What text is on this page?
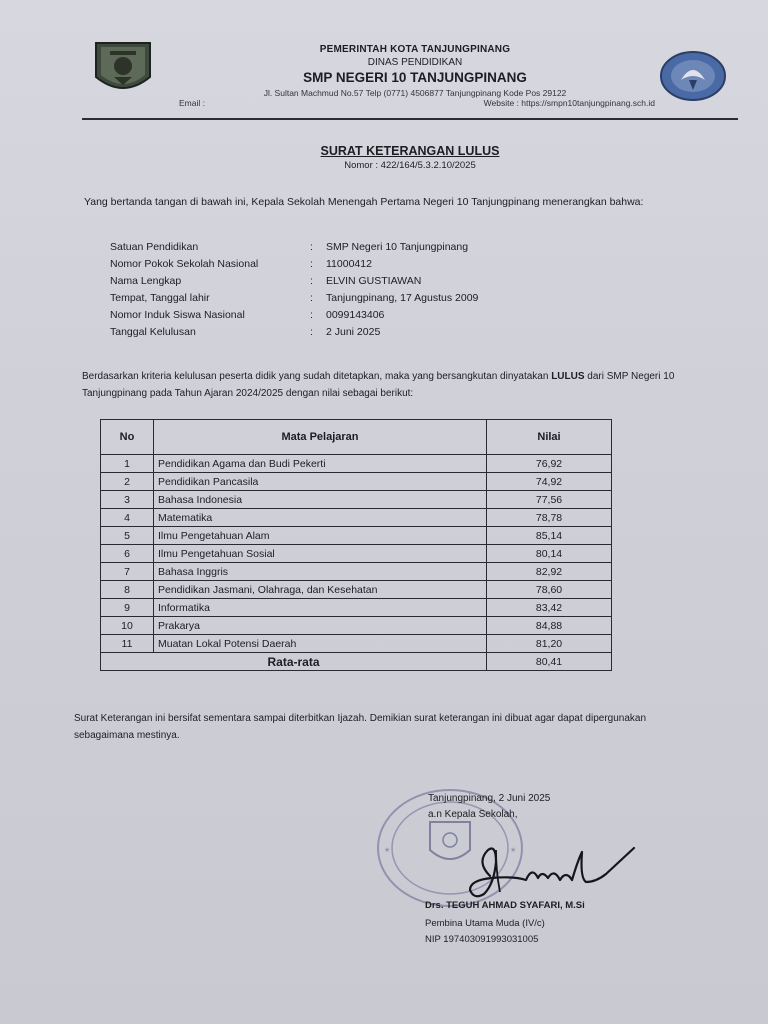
PEMERINTAH KOTA TANJUNGPINANG
DINAS PENDIDIKAN
SMP NEGERI 10 TANJUNGPINANG
Jl. Sultan Machmud No.57 Telp (0771) 4506877 Tanjungpinang Kode Pos 29122
Email :	Website : https://smpn10tanjungpinang.sch.id
SURAT KETERANGAN LULUS
Nomor : 422/164/5.3.2.10/2025
Yang bertanda tangan di bawah ini, Kepala Sekolah Menengah Pertama Negeri 10 Tanjungpinang menerangkan bahwa:
Satuan Pendidikan	:	SMP Negeri 10 Tanjungpinang
Nomor Pokok Sekolah Nasional	:	11000412
Nama Lengkap	:	ELVIN GUSTIAWAN
Tempat, Tanggal lahir	:	Tanjungpinang, 17 Agustus 2009
Nomor Induk Siswa Nasional	:	0099143406
Tanggal Kelulusan	:	2 Juni 2025
Berdasarkan kriteria kelulusan peserta didik yang sudah ditetapkan, maka yang bersangkutan dinyatakan LULUS dari SMP Negeri 10 Tanjungpinang pada Tahun Ajaran 2024/2025 dengan nilai sebagai berikut:
No	Mata Pelajaran	Nilai
1	Pendidikan Agama dan Budi Pekerti	76,92
2	Pendidikan Pancasila	74,92
3	Bahasa Indonesia	77,56
4	Matematika	78,78
5	Ilmu Pengetahuan Alam	85,14
6	Ilmu Pengetahuan Sosial	80,14
7	Bahasa Inggris	82,92
8	Pendidikan Jasmani, Olahraga, dan Kesehatan	78,60
9	Informatika	83,42
10	Prakarya	84,88
11	Muatan Lokal Potensi Daerah	81,20
Rata-rata		80,41
Surat Keterangan ini bersifat sementara sampai diterbitkan Ijazah. Demikian surat keterangan ini dibuat agar dapat dipergunakan sebagaimana mestinya.
★	★
Tanjungpinang, 2 Juni 2025
a.n Kepala Sekolah,
Drs. TEGUH AHMAD SYAFARI, M.Si
Pembina Utama Muda (IV/c)
NIP 197403091993031005
